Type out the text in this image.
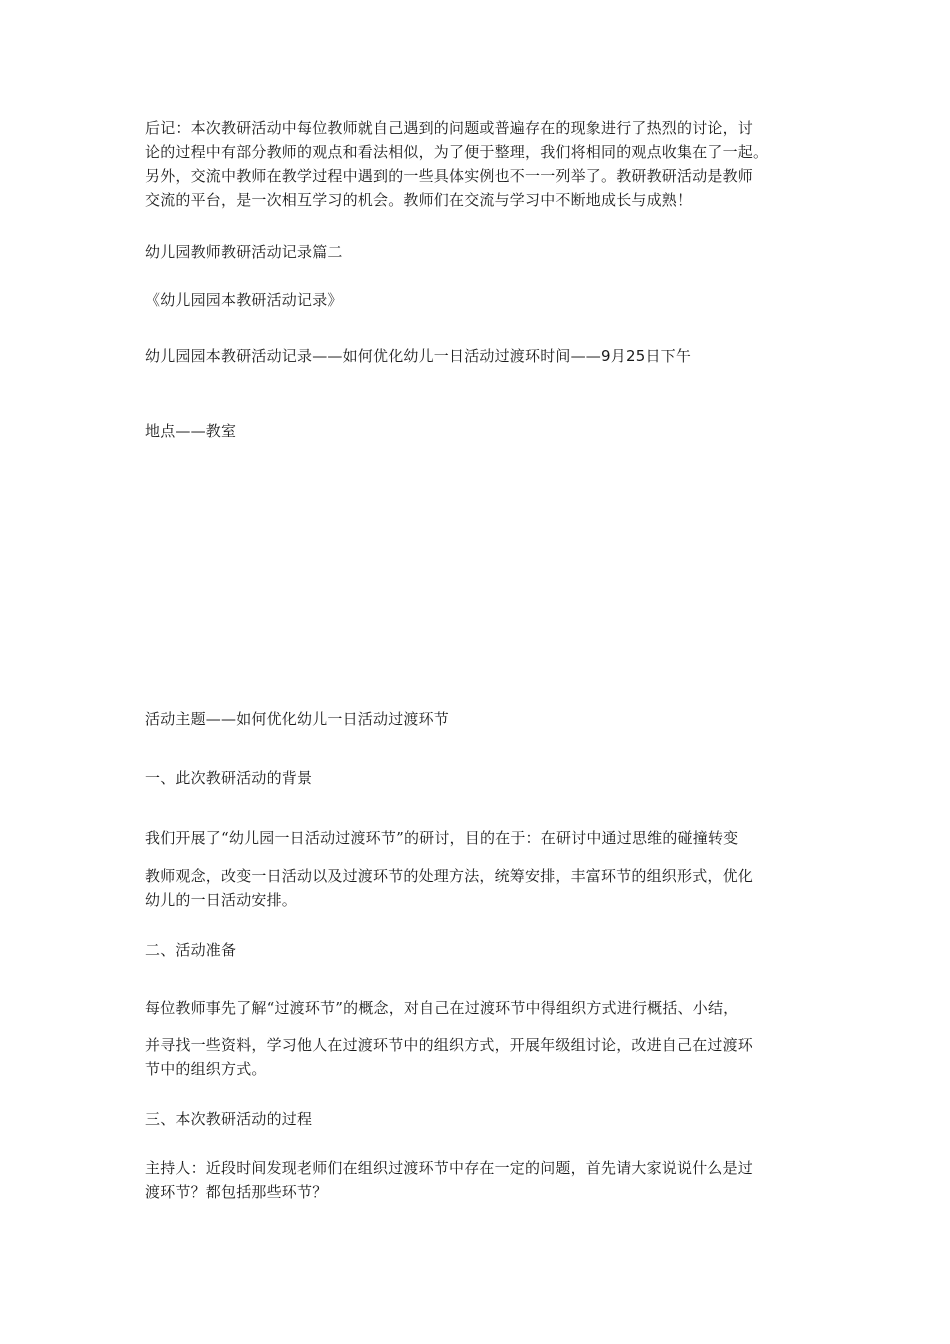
后记：本次教研活动中每位教师就自己遇到的问题或普遍存在的现象进行了热烈的讨论，讨

论的过程中有部分教师的观点和看法相似，为了便于整理，我们将相同的观点收集在了一起。

另外，交流中教师在教学过程中遇到的一些具体实例也不一一列举了。教研教研活动是教师

交流的平台，是一次相互学习的机会。教师们在交流与学习中不断地成长与成熟！

幼儿园教师教研活动记录篇二

《幼儿园园本教研活动记录》

幼儿园园本教研活动记录——如何优化幼儿一日活动过渡环时间——9月25日下午

地点——教室

活动主题——如何优化幼儿一日活动过渡环节

一、此次教研活动的背景

我们开展了“幼儿园一日活动过渡环节”的研讨，目的在于：在研讨中通过思维的碰撞转变

教师观念，改变一日活动以及过渡环节的处理方法，统筹安排，丰富环节的组织形式，优化

幼儿的一日活动安排。

二、活动准备

每位教师事先了解“过渡环节”的概念，对自己在过渡环节中得组织方式进行概括、小结，

并寻找一些资料，学习他人在过渡环节中的组织方式，开展年级组讨论，改进自己在过渡环

节中的组织方式。

三、本次教研活动的过程

主持人：近段时间发现老师们在组织过渡环节中存在一定的问题，首先请大家说说什么是过

渡环节？都包括那些环节？
